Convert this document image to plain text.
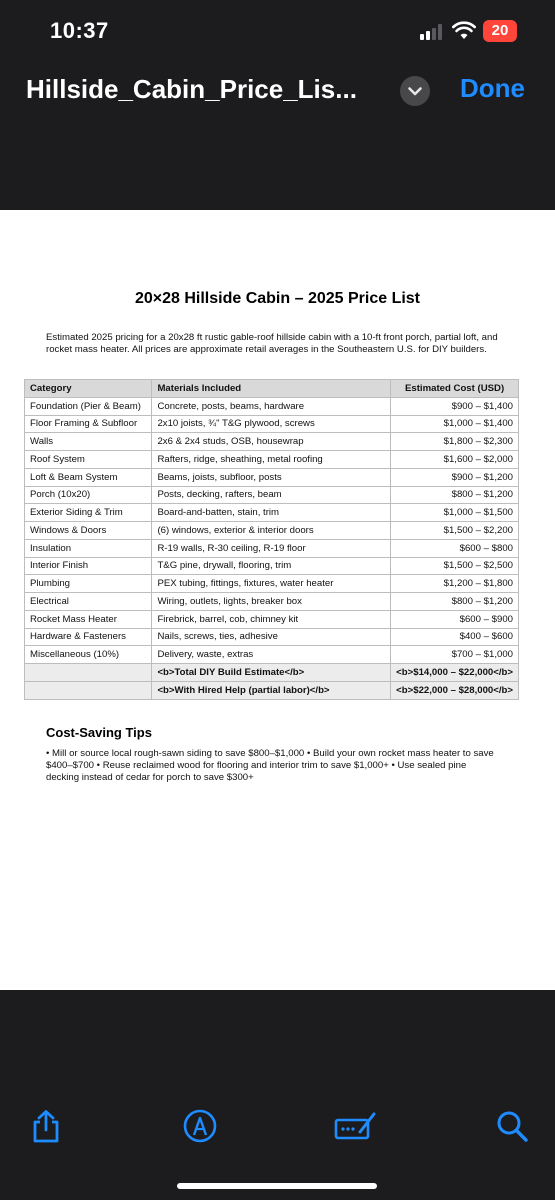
10:37	20
Hillside_Cabin_Price_Lis...	Done
20×28 Hillside Cabin – 2025 Price List
Estimated 2025 pricing for a 20x28 ft rustic gable-roof hillside cabin with a 10-ft front porch, partial loft, and rocket mass heater. All prices are approximate retail averages in the Southeastern U.S. for DIY builders.
Category	Materials Included	Estimated Cost (USD)
Foundation (Pier & Beam)	Concrete, posts, beams, hardware	$900 – $1,400
Floor Framing & Subfloor	2x10 joists, ¾" T&G plywood, screws	$1,000 – $1,400
Walls	2x6 & 2x4 studs, OSB, housewrap	$1,800 – $2,300
Roof System	Rafters, ridge, sheathing, metal roofing	$1,600 – $2,000
Loft & Beam System	Beams, joists, subfloor, posts	$900 – $1,200
Porch (10x20)	Posts, decking, rafters, beam	$800 – $1,200
Exterior Siding & Trim	Board-and-batten, stain, trim	$1,000 – $1,500
Windows & Doors	(6) windows, exterior & interior doors	$1,500 – $2,200
Insulation	R-19 walls, R-30 ceiling, R-19 floor	$600 – $800
Interior Finish	T&G pine, drywall, flooring, trim	$1,500 – $2,500
Plumbing	PEX tubing, fittings, fixtures, water heater	$1,200 – $1,800
Electrical	Wiring, outlets, lights, breaker box	$800 – $1,200
Rocket Mass Heater	Firebrick, barrel, cob, chimney kit	$600 – $900
Hardware & Fasteners	Nails, screws, ties, adhesive	$400 – $600
Miscellaneous (10%)	Delivery, waste, extras	$700 – $1,000
	<b>Total DIY Build Estimate</b>	<b>$14,000 – $22,000</b>
	<b>With Hired Help (partial labor)</b>	<b>$22,000 – $28,000</b>
Cost-Saving Tips
• Mill or source local rough-sawn siding to save $800–$1,000 • Build your own rocket mass heater to save $400–$700 • Reuse reclaimed wood for flooring and interior trim to save $1,000+ • Use sealed pine decking instead of cedar for porch to save $300+
